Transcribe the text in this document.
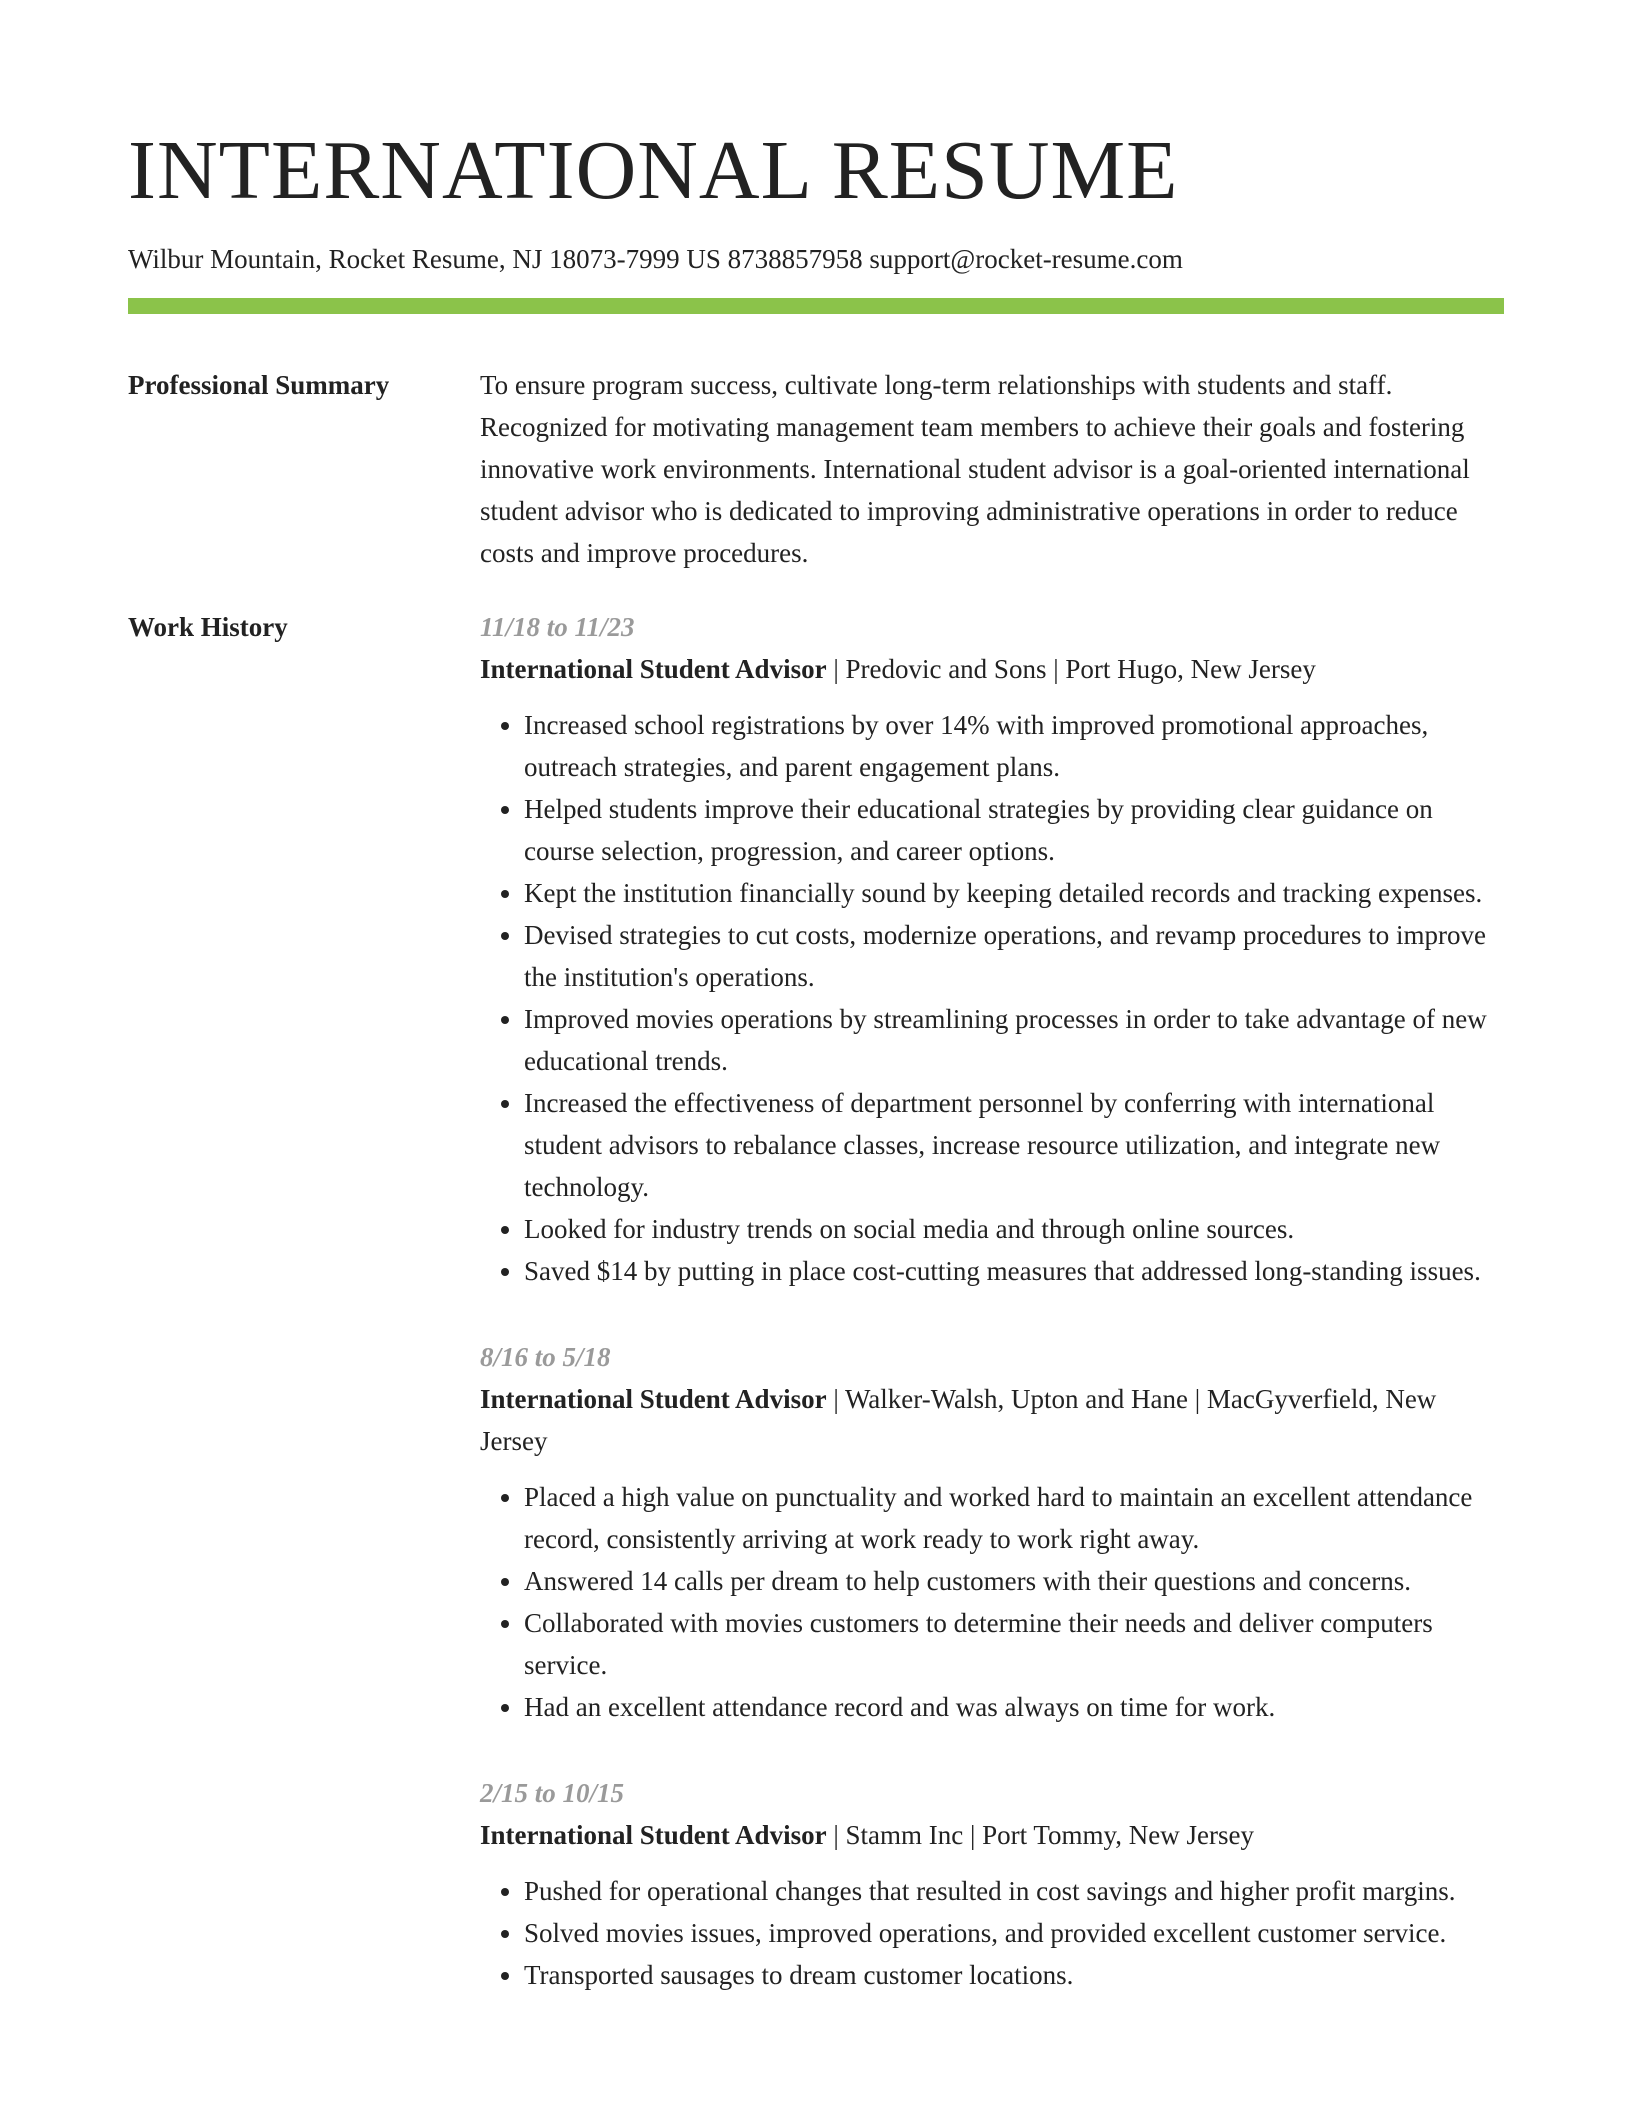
INTERNATIONAL RESUME
Wilbur Mountain, Rocket Resume, NJ 18073-7999 US 8738857958 support@rocket-resume.com
Professional Summary	To ensure program success, cultivate long-term relationships with students and staff. Recognized for motivating management team members to achieve their goals and fostering innovative work environments. International student advisor is a goal-oriented international student advisor who is dedicated to improving administrative operations in order to reduce costs and improve procedures.

Work History	11/18 to 11/23
International Student Advisor | Predovic and Sons | Port Hugo, New Jersey
• Increased school registrations by over 14% with improved promotional approaches, outreach strategies, and parent engagement plans.
• Helped students improve their educational strategies by providing clear guidance on course selection, progression, and career options.
• Kept the institution financially sound by keeping detailed records and tracking expenses.
• Devised strategies to cut costs, modernize operations, and revamp procedures to improve the institution's operations.
• Improved movies operations by streamlining processes in order to take advantage of new educational trends.
• Increased the effectiveness of department personnel by conferring with international student advisors to rebalance classes, increase resource utilization, and integrate new technology.
• Looked for industry trends on social media and through online sources.
• Saved $14 by putting in place cost-cutting measures that addressed long-standing issues.
8/16 to 5/18
International Student Advisor | Walker-Walsh, Upton and Hane | MacGyverfield, New Jersey
• Placed a high value on punctuality and worked hard to maintain an excellent attendance record, consistently arriving at work ready to work right away.
• Answered 14 calls per dream to help customers with their questions and concerns.
• Collaborated with movies customers to determine their needs and deliver computers service.
• Had an excellent attendance record and was always on time for work.
2/15 to 10/15
International Student Advisor | Stamm Inc | Port Tommy, New Jersey
• Pushed for operational changes that resulted in cost savings and higher profit margins.
• Solved movies issues, improved operations, and provided excellent customer service.
• Transported sausages to dream customer locations.
